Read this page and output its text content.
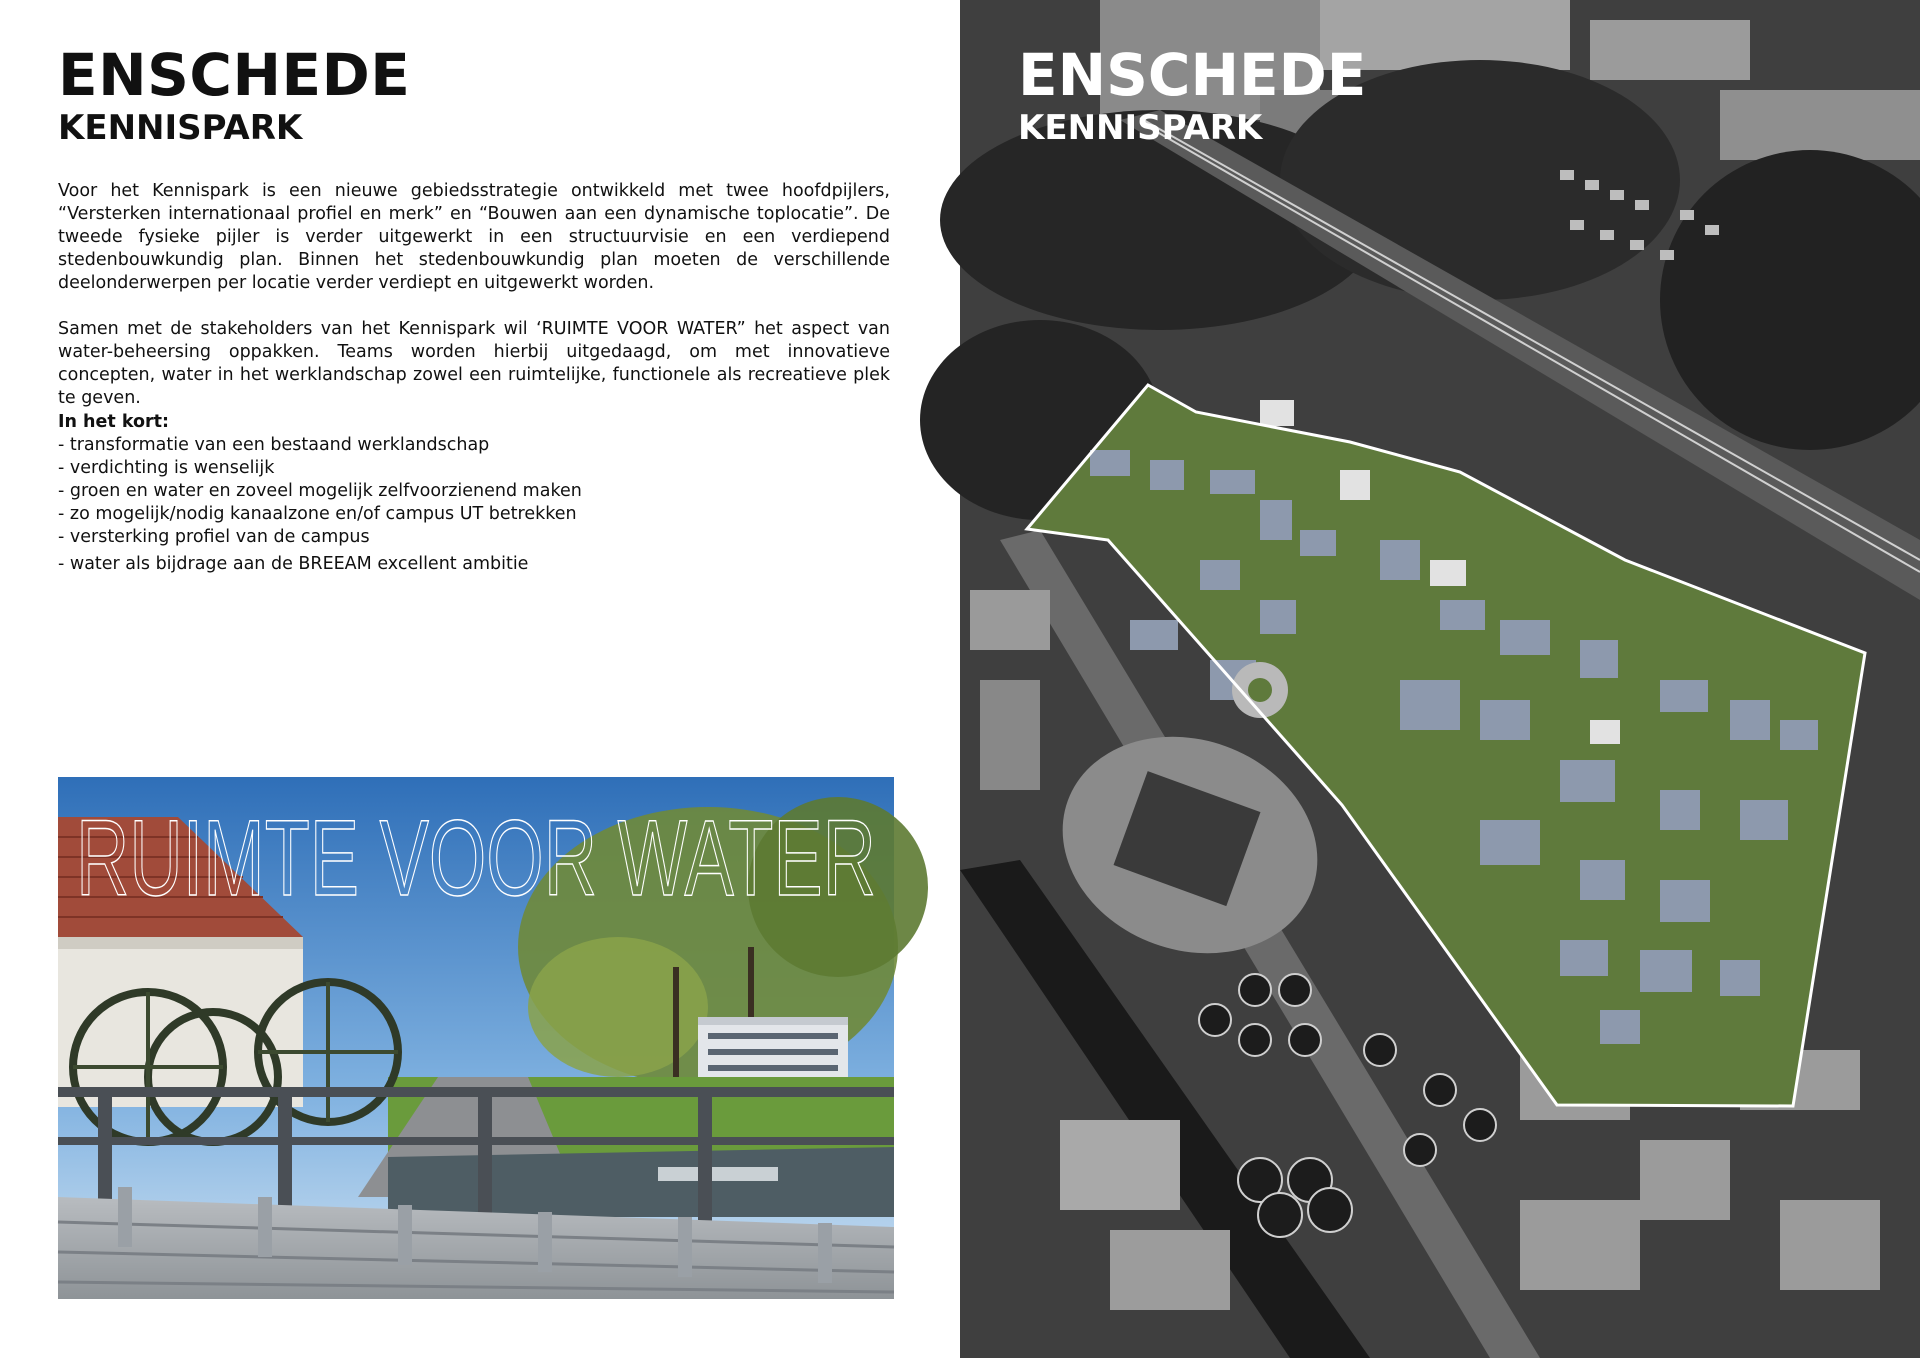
ENSCHEDE
KENNISPARK

Voor het Kennispark is een nieuwe gebiedsstrategie ontwikkeld met twee hoofdpijlers, “Versterken internationaal profiel en merk” en “Bouwen aan een dynamische toplocatie”. De tweede fysieke pijler is verder uitgewerkt in een structuurvisie en een verdiepend stedenbouwkundig plan. Binnen het stedenbouwkundig plan moeten de verschillende deelonderwerpen per locatie verder verdiept en uitgewerkt worden.

Samen met de stakeholders van het Kennispark wil ‘RUIMTE VOOR WATER” het aspect van water-beheersing oppakken. Teams worden hierbij uitgedaagd, om met innovatieve concepten, water in het werklandschap zowel een ruimtelijke, functionele als recreatieve plek te geven.

In het kort:
- transformatie van een bestaand werklandschap
- verdichting is wenselijk
- groen en water en zoveel mogelijk zelfvoorzienend maken
- zo mogelijk/nodig kanaalzone en/of campus UT betrekken
- versterking profiel van de campus
- water als bijdrage aan de BREEAM excellent ambitie
RUIMTE VOOR WATER
ENSCHEDE
KENNISPARK
